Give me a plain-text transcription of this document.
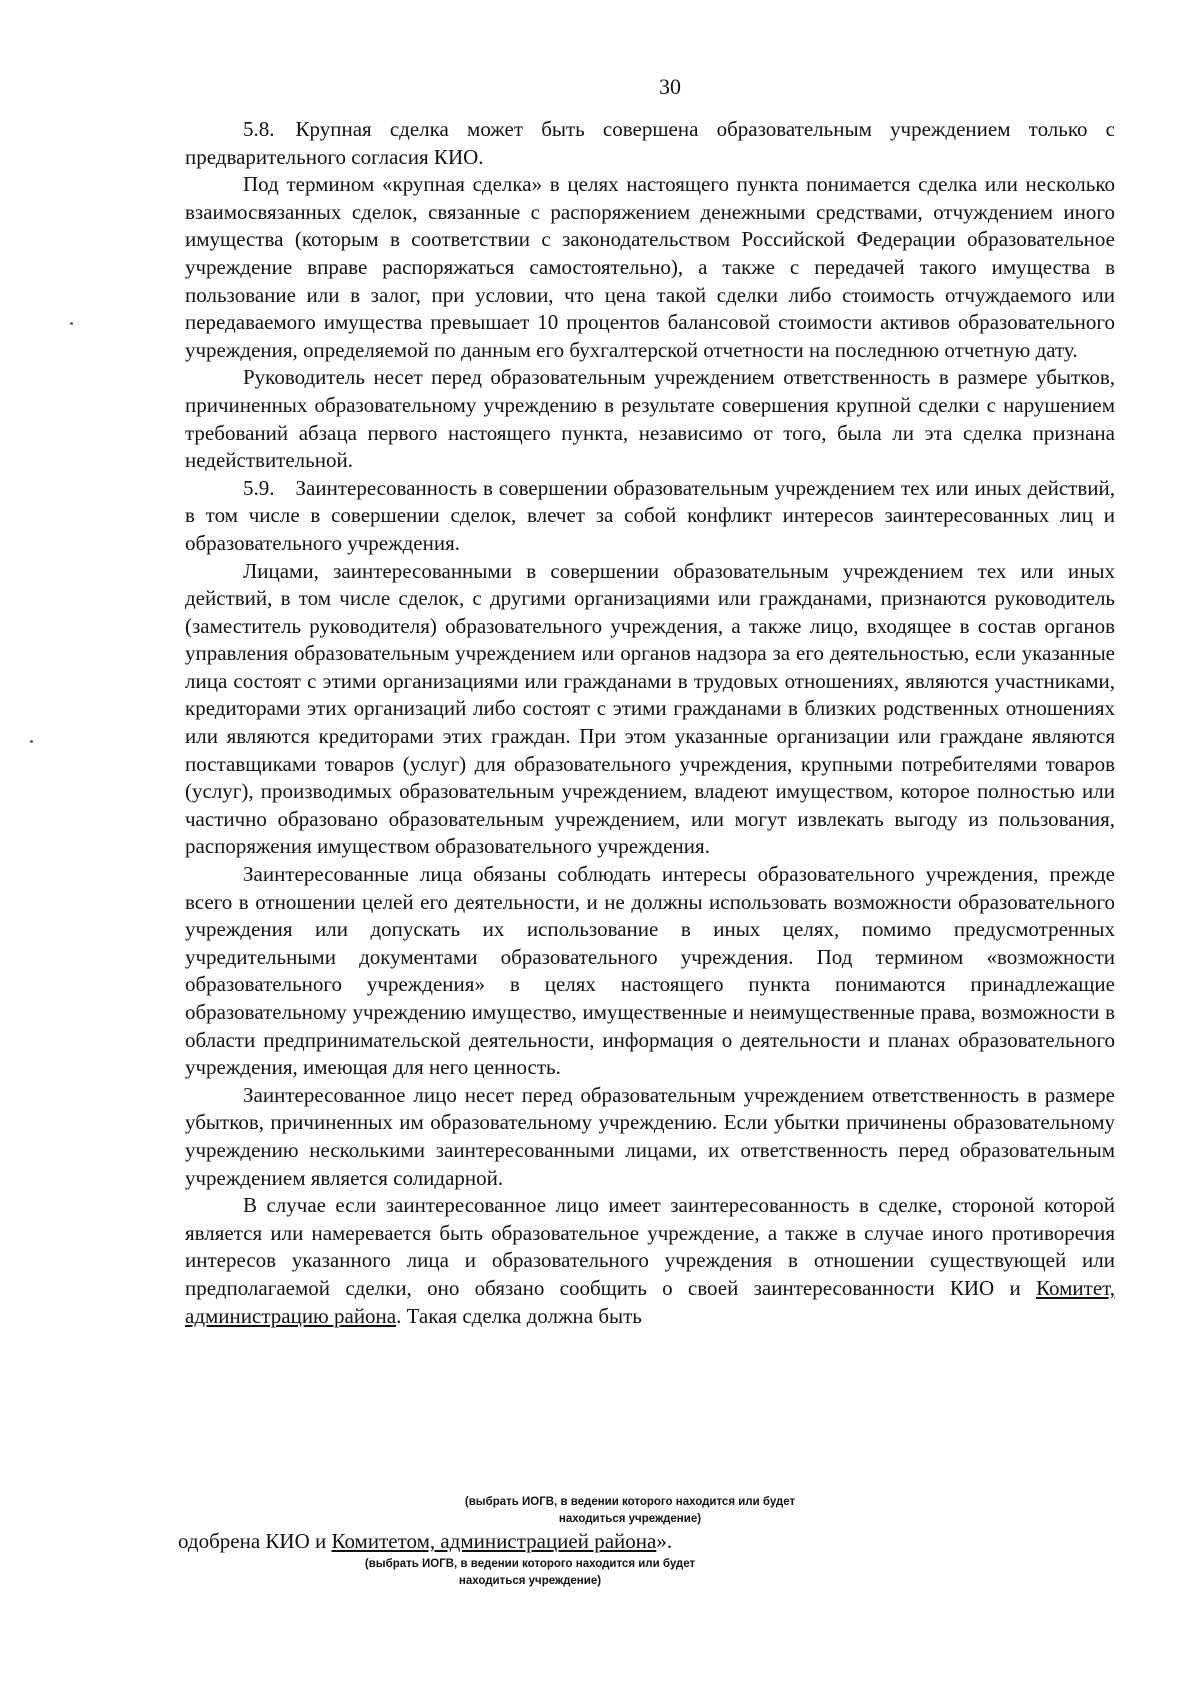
30

5.8. Крупная сделка может быть совершена образовательным учреждением только с предварительного согласия КИО.

Под термином «крупная сделка» в целях настоящего пункта понимается сделка или несколько взаимосвязанных сделок, связанные с распоряжением денежными средствами, отчуждением иного имущества (которым в соответствии с законодательством Российской Федерации образовательное учреждение вправе распоряжаться самостоятельно), а также с передачей такого имущества в пользование или в залог, при условии, что цена такой сделки либо стоимость отчуждаемого или передаваемого имущества превышает 10 процентов балансовой стоимости активов образовательного учреждения, определяемой по данным его бухгалтерской отчетности на последнюю отчетную дату.

Руководитель несет перед образовательным учреждением ответственность в размере убытков, причиненных образовательному учреждению в результате совершения крупной сделки с нарушением требований абзаца первого настоящего пункта, независимо от того, была ли эта сделка признана недействительной.

5.9. Заинтересованность в совершении образовательным учреждением тех или иных действий, в том числе в совершении сделок, влечет за собой конфликт интересов заинтересованных лиц и образовательного учреждения.

Лицами, заинтересованными в совершении образовательным учреждением тех или иных действий, в том числе сделок, с другими организациями или гражданами, признаются руководитель (заместитель руководителя) образовательного учреждения, а также лицо, входящее в состав органов управления образовательным учреждением или органов надзора за его деятельностью, если указанные лица состоят с этими организациями или гражданами в трудовых отношениях, являются участниками, кредиторами этих организаций либо состоят с этими гражданами в близких родственных отношениях или являются кредиторами этих граждан. При этом указанные организации или граждане являются поставщиками товаров (услуг) для образовательного учреждения, крупными потребителями товаров (услуг), производимых образовательным учреждением, владеют имуществом, которое полностью или частично образовано образовательным учреждением, или могут извлекать выгоду из пользования, распоряжения имуществом образовательного учреждения.

Заинтересованные лица обязаны соблюдать интересы образовательного учреждения, прежде всего в отношении целей его деятельности, и не должны использовать возможности образовательного учреждения или допускать их использование в иных целях, помимо предусмотренных учредительными документами образовательного учреждения. Под термином «возможности образовательного учреждения» в целях настоящего пункта понимаются принадлежащие образовательному учреждению имущество, имущественные и неимущественные права, возможности в области предпринимательской деятельности, информация о деятельности и планах образовательного учреждения, имеющая для него ценность.

Заинтересованное лицо несет перед образовательным учреждением ответственность в размере убытков, причиненных им образовательному учреждению. Если убытки причинены образовательному учреждению несколькими заинтересованными лицами, их ответственность перед образовательным учреждением является солидарной.

В случае если заинтересованное лицо имеет заинтересованность в сделке, стороной которой является или намеревается быть образовательное учреждение, а также в случае иного противоречия интересов указанного лица и образовательного учреждения в отношении существующей или предполагаемой сделки, оно обязано сообщить о своей заинтересованности КИО и Комитет, администрацию района. Такая сделка должна быть

(выбрать ИОГВ, в ведении которого находится или будет находиться учреждение)
одобрена КИО и Комитетом, администрацией района».
(выбрать ИОГВ, в ведении которого находится или будет находиться учреждение)
